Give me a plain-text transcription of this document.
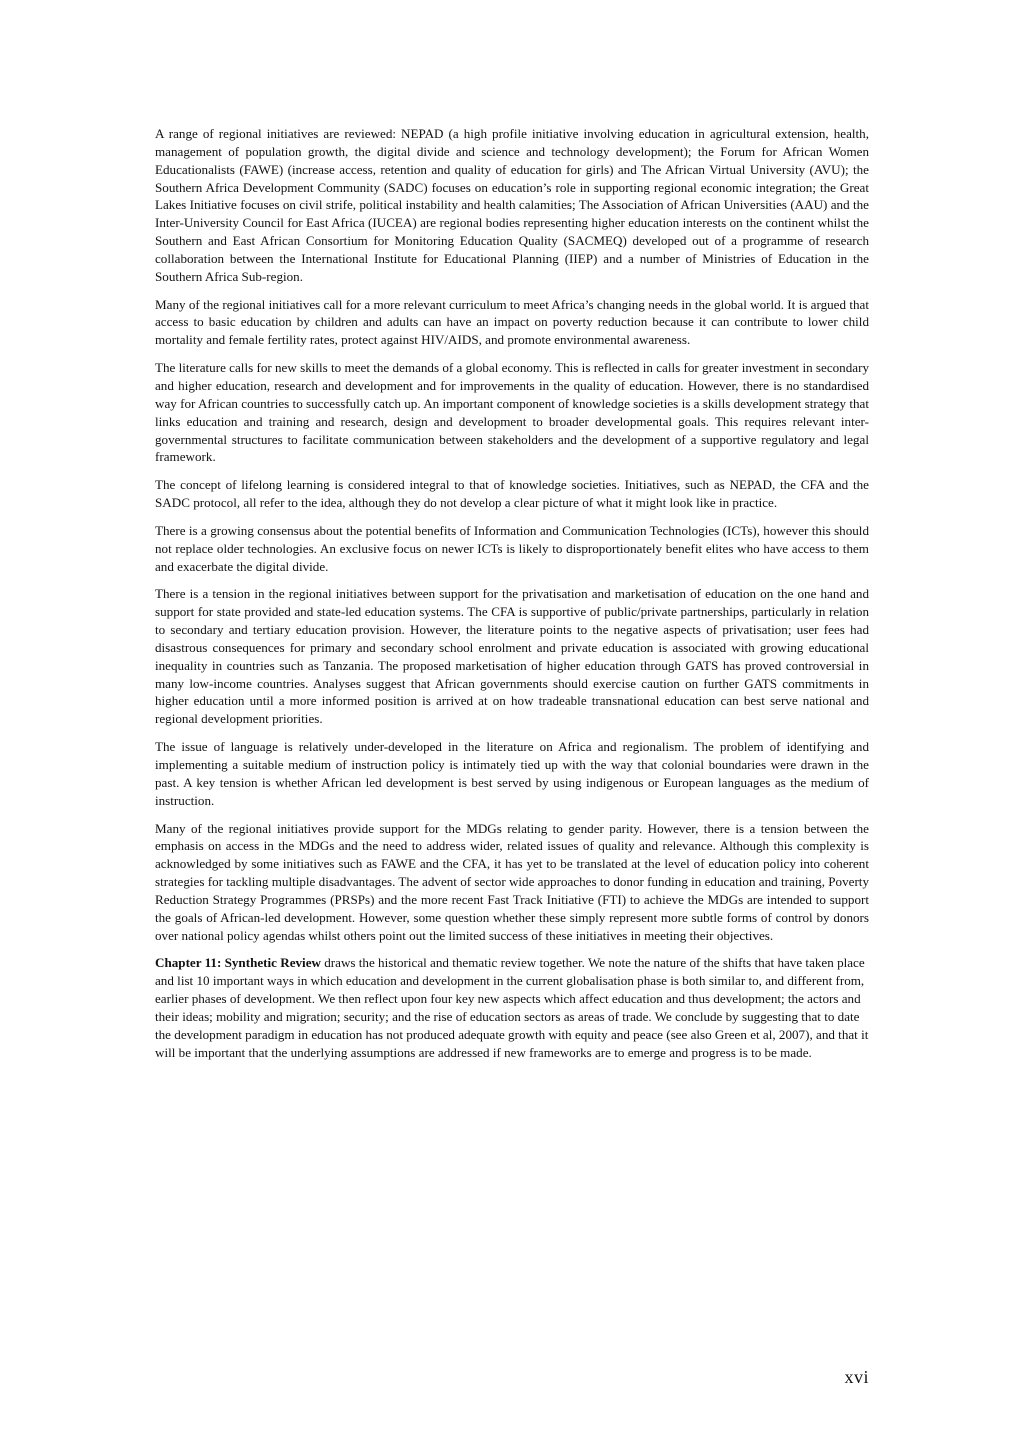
A range of regional initiatives are reviewed: NEPAD (a high profile initiative involving education in agricultural extension, health, management of population growth, the digital divide and science and technology development); the Forum for African Women Educationalists (FAWE) (increase access, retention and quality of education for girls) and The African Virtual University (AVU); the Southern Africa Development Community (SADC) focuses on education’s role in supporting regional economic integration; the Great Lakes Initiative focuses on civil strife, political instability and health calamities; The Association of African Universities (AAU) and the Inter-University Council for East Africa (IUCEA) are regional bodies representing higher education interests on the continent whilst the Southern and East African Consortium for Monitoring Education Quality (SACMEQ) developed out of a programme of research collaboration between the International Institute for Educational Planning (IIEP) and a number of Ministries of Education in the Southern Africa Sub-region.

Many of the regional initiatives call for a more relevant curriculum to meet Africa’s changing needs in the global world. It is argued that access to basic education by children and adults can have an impact on poverty reduction because it can contribute to lower child mortality and female fertility rates, protect against HIV/AIDS, and promote environmental awareness.

The literature calls for new skills to meet the demands of a global economy. This is reflected in calls for greater investment in secondary and higher education, research and development and for improvements in the quality of education. However, there is no standardised way for African countries to successfully catch up. An important component of knowledge societies is a skills development strategy that links education and training and research, design and development to broader developmental goals. This requires relevant inter-governmental structures to facilitate communication between stakeholders and the development of a supportive regulatory and legal framework.

The concept of lifelong learning is considered integral to that of knowledge societies. Initiatives, such as NEPAD, the CFA and the SADC protocol, all refer to the idea, although they do not develop a clear picture of what it might look like in practice.

There is a growing consensus about the potential benefits of Information and Communication Technologies (ICTs), however this should not replace older technologies. An exclusive focus on newer ICTs is likely to disproportionately benefit elites who have access to them and exacerbate the digital divide.

There is a tension in the regional initiatives between support for the privatisation and marketisation of education on the one hand and support for state provided and state-led education systems. The CFA is supportive of public/private partnerships, particularly in relation to secondary and tertiary education provision. However, the literature points to the negative aspects of privatisation; user fees had disastrous consequences for primary and secondary school enrolment and private education is associated with growing educational inequality in countries such as Tanzania. The proposed marketisation of higher education through GATS has proved controversial in many low-income countries. Analyses suggest that African governments should exercise caution on further GATS commitments in higher education until a more informed position is arrived at on how tradeable transnational education can best serve national and regional development priorities.

The issue of language is relatively under-developed in the literature on Africa and regionalism. The problem of identifying and implementing a suitable medium of instruction policy is intimately tied up with the way that colonial boundaries were drawn in the past. A key tension is whether African led development is best served by using indigenous or European languages as the medium of instruction.

Many of the regional initiatives provide support for the MDGs relating to gender parity. However, there is a tension between the emphasis on access in the MDGs and the need to address wider, related issues of quality and relevance. Although this complexity is acknowledged by some initiatives such as FAWE and the CFA, it has yet to be translated at the level of education policy into coherent strategies for tackling multiple disadvantages. The advent of sector wide approaches to donor funding in education and training, Poverty Reduction Strategy Programmes (PRSPs) and the more recent Fast Track Initiative (FTI) to achieve the MDGs are intended to support the goals of African-led development. However, some question whether these simply represent more subtle forms of control by donors over national policy agendas whilst others point out the limited success of these initiatives in meeting their objectives.

Chapter 11: Synthetic Review draws the historical and thematic review together. We note the nature of the shifts that have taken place and list 10 important ways in which education and development in the current globalisation phase is both similar to, and different from, earlier phases of development. We then reflect upon four key new aspects which affect education and thus development; the actors and their ideas; mobility and migration; security; and the rise of education sectors as areas of trade. We conclude by suggesting that to date the development paradigm in education has not produced adequate growth with equity and peace (see also Green et al, 2007), and that it will be important that the underlying assumptions are addressed if new frameworks are to emerge and progress is to be made.

xvi
